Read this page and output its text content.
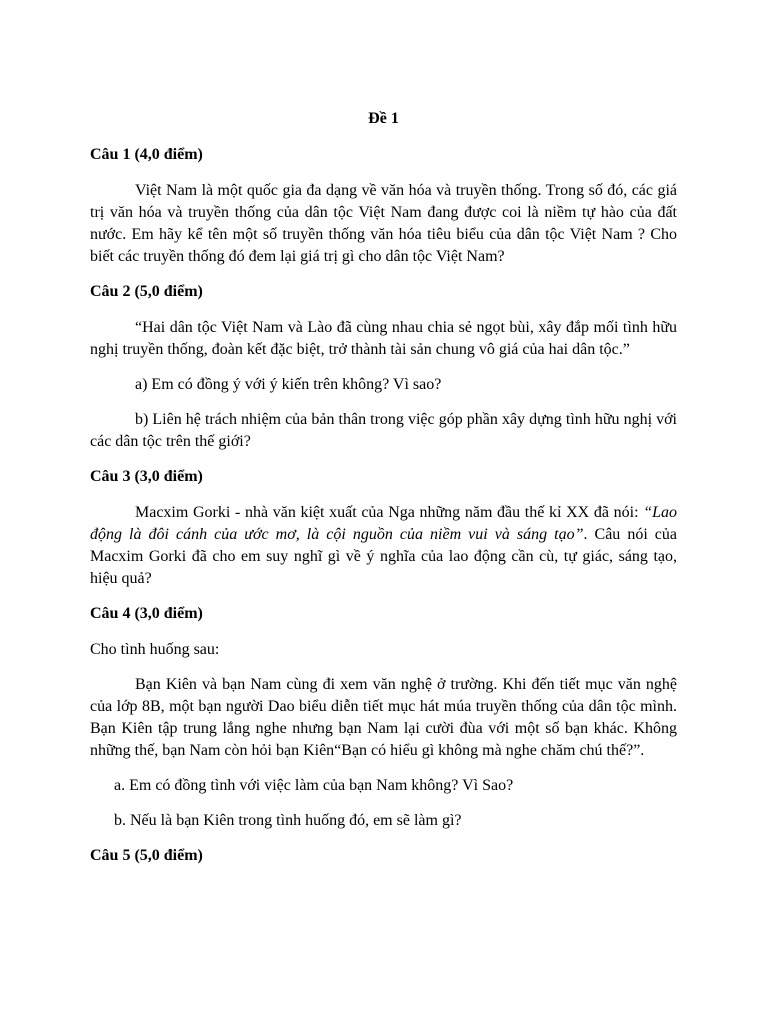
Đề 1
Câu 1 (4,0 điểm)

Việt Nam là một quốc gia đa dạng về văn hóa và truyền thống. Trong số đó, các giá trị văn hóa và truyền thống của dân tộc Việt Nam đang được coi là niềm tự hào của đất nước. Em hãy kể tên một số truyền thống văn hóa tiêu biểu của dân tộc Việt Nam ? Cho biết các truyền thống đó đem lại giá trị gì cho dân tộc Việt Nam?

Câu 2 (5,0 điểm)

“Hai dân tộc Việt Nam và Lào đã cùng nhau chia sẻ ngọt bùi, xây đắp mối tình hữu nghị truyền thống, đoàn kết đặc biệt, trở thành tài sản chung vô giá của hai dân tộc.”

a) Em có đồng ý với ý kiến trên không? Vì sao?

b) Liên hệ trách nhiệm của bản thân trong việc góp phần xây dựng tình hữu nghị với các dân tộc trên thế giới?

Câu 3 (3,0 điểm)

Macxim Gorki - nhà văn kiệt xuất của Nga những năm đầu thế kỉ XX đã nói: “Lao động là đôi cánh của ước mơ, là cội nguồn của niềm vui và sáng tạo”. Câu nói của Macxim Gorki đã cho em suy nghĩ gì về ý nghĩa của lao động cần cù, tự giác, sáng tạo, hiệu quả?

Câu 4 (3,0 điểm)

Cho tình huống sau:

Bạn Kiên và bạn Nam cùng đi xem văn nghệ ở trường. Khi đến tiết mục văn nghệ của lớp 8B, một bạn người Dao biểu diễn tiết mục hát múa truyền thống của dân tộc mình. Bạn Kiên tập trung lắng nghe nhưng bạn Nam lại cười đùa với một số bạn khác. Không những thế, bạn Nam còn hỏi bạn Kiên“Bạn có hiểu gì không mà nghe chăm chú thế?”.

a. Em có đồng tình với việc làm của bạn Nam không? Vì Sao?

b. Nếu là bạn Kiên trong tình huống đó, em sẽ làm gì?

Câu 5 (5,0 điểm)
